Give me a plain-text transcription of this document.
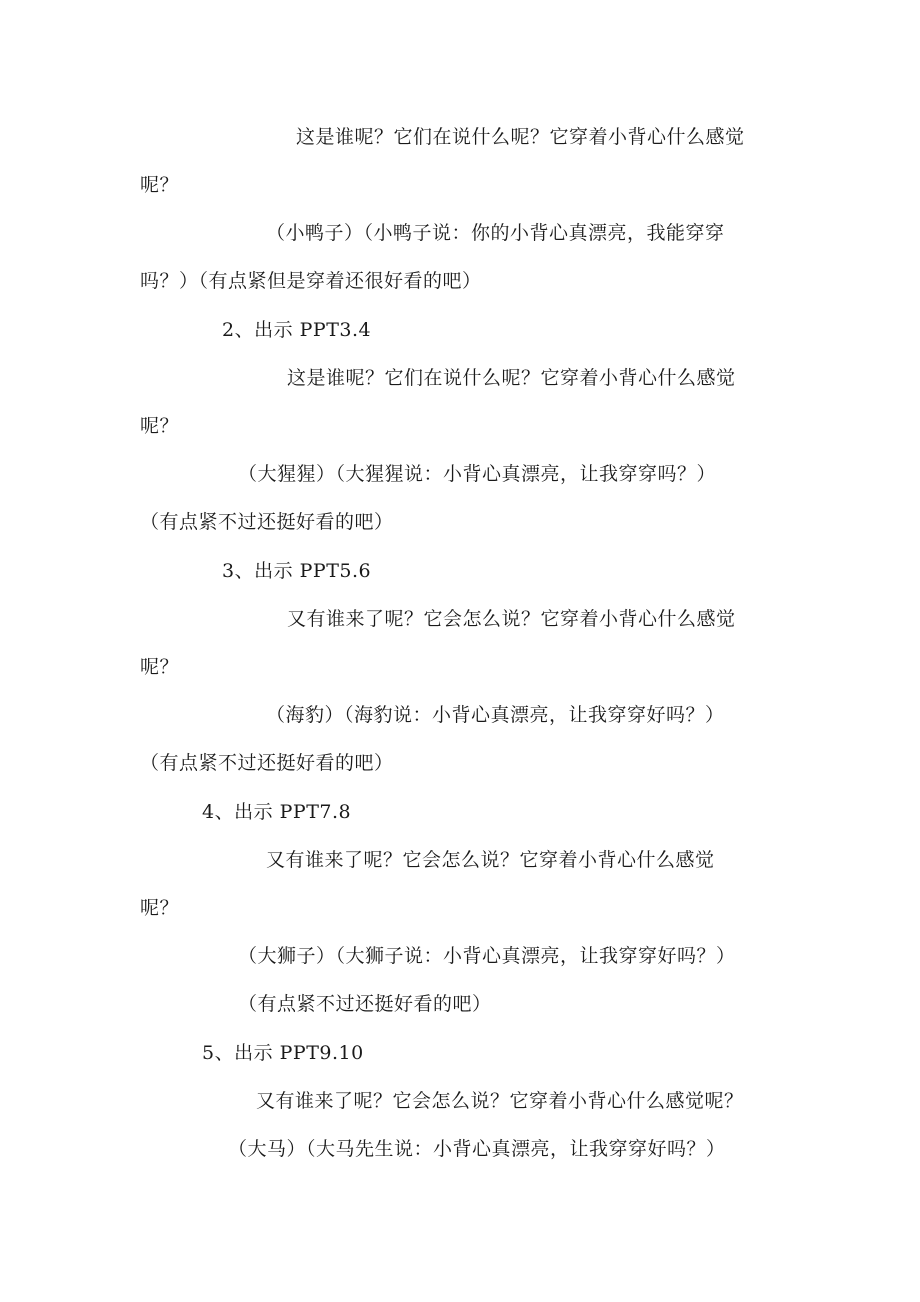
这是谁呢？它们在说什么呢？它穿着小背心什么感觉
呢？
（小鸭子）（小鸭子说：你的小背心真漂亮，我能穿穿
吗？）（有点紧但是穿着还很好看的吧）
2、出示 PPT3.4
这是谁呢？它们在说什么呢？它穿着小背心什么感觉
呢？
（大猩猩）（大猩猩说：小背心真漂亮，让我穿穿吗？）
（有点紧不过还挺好看的吧）
3、出示 PPT5.6
又有谁来了呢？它会怎么说？它穿着小背心什么感觉
呢？
（海豹）（海豹说：小背心真漂亮，让我穿穿好吗？）
（有点紧不过还挺好看的吧）
4、出示 PPT7.8
又有谁来了呢？它会怎么说？它穿着小背心什么感觉
呢？
（大狮子）（大狮子说：小背心真漂亮，让我穿穿好吗？）
（有点紧不过还挺好看的吧）
5、出示 PPT9.10
又有谁来了呢？它会怎么说？它穿着小背心什么感觉呢？
（大马）（大马先生说：小背心真漂亮，让我穿穿好吗？）
